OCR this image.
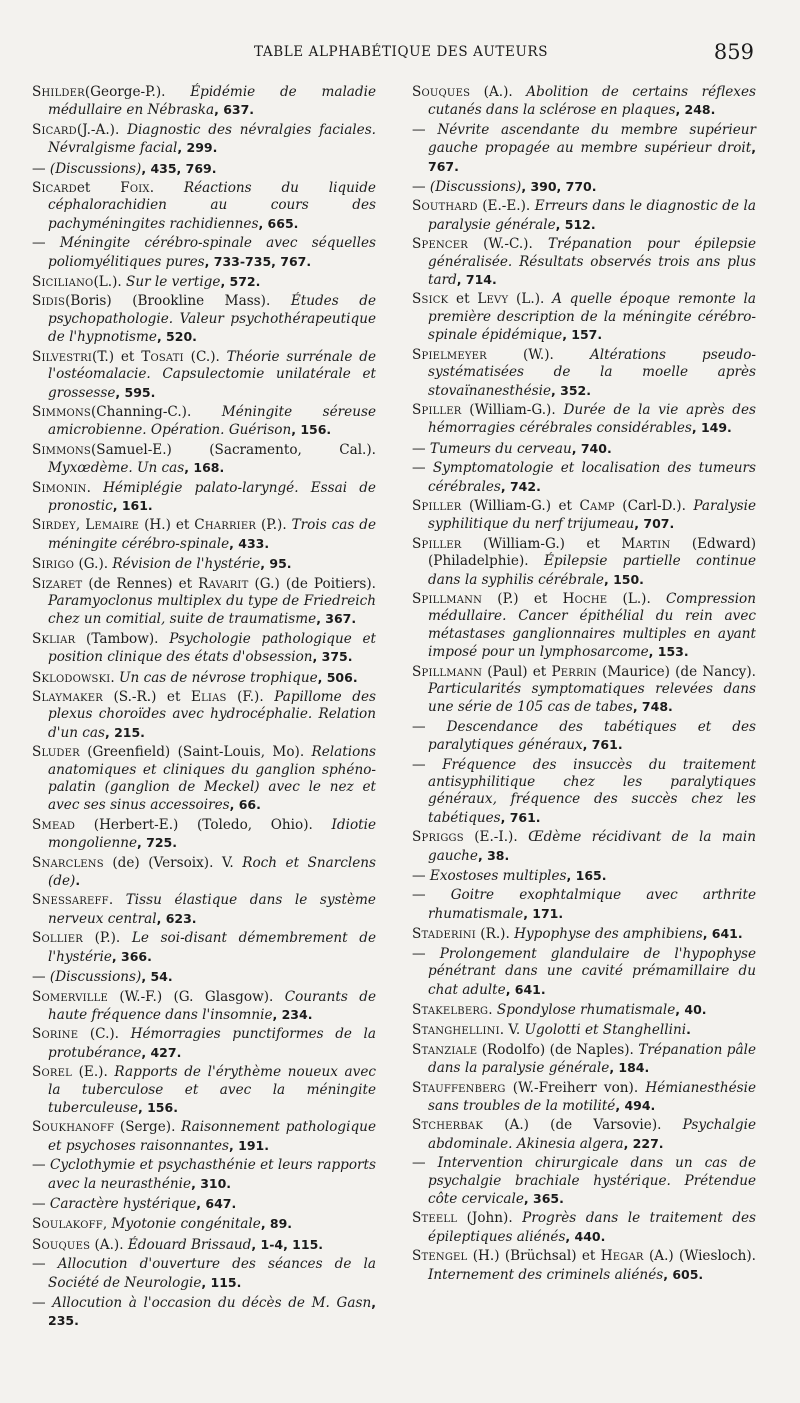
TABLE ALPHABÉTIQUE DES AUTEURS	859

Shilder(George-P.). Épidémie de maladie médullaire en Nébraska, 637.

Sicard(J.-A.). Diagnostic des névralgies faciales. Névralgisme facial, 299.

— (Discussions), 435, 769.

Sicardet Foix. Réactions du liquide céphalorachidien au cours des pachyméningites rachidiennes, 665.

— Méningite cérébro-spinale avec séquelles poliomyélitiques pures, 733-735, 767.

Siciliano(L.). Sur le vertige, 572.

Sidis(Boris) (Brookline Mass). Études de psychopathologie. Valeur psychothérapeutique de l'hypnotisme, 520.

Silvestri(T.) et Tosati (C.). Théorie surrénale de l'ostéomalacie. Capsulectomie unilatérale et grossesse, 595.

Simmons(Channing-C.). Méningite séreuse amicrobienne. Opération. Guérison, 156.

Simmons(Samuel-E.) (Sacramento, Cal.). Myxœdème. Un cas, 168.

Simonin. Hémiplégie palato-laryngé. Essai de pronostic, 161.

Sirdey, Lemaire (H.) et Charrier (P.). Trois cas de méningite cérébro-spinale, 433.

Sirigo (G.). Révision de l'hystérie, 95.

Sizaret (de Rennes) et Ravarit (G.) (de Poitiers). Paramyoclonus multiplex du type de Friedreich chez un comitial, suite de traumatisme, 367.

Skliar (Tambow). Psychologie pathologique et position clinique des états d'obsession, 375.

Sklodowski. Un cas de névrose trophique, 506.

Slaymaker (S.-R.) et Elias (F.). Papillome des plexus choroïdes avec hydrocéphalie. Relation d'un cas, 215.

Sluder (Greenfield) (Saint-Louis, Mo). Relations anatomiques et cliniques du ganglion sphéno-palatin (ganglion de Meckel) avec le nez et avec ses sinus accessoires, 66.

Smead (Herbert-E.) (Toledo, Ohio). Idiotie mongolienne, 725.

Snarclens (de) (Versoix). V. Roch et Snarclens (de).

Snessareff. Tissu élastique dans le système nerveux central, 623.

Sollier (P.). Le soi-disant démembrement de l'hystérie, 366.

— (Discussions), 54.

Somerville (W.-F.) (G. Glasgow). Courants de haute fréquence dans l'insomnie, 234.

Sorine (C.). Hémorragies punctiformes de la protubérance, 427.

Sorel (E.). Rapports de l'érythème noueux avec la tuberculose et avec la méningite tuberculeuse, 156.

Soukhanoff (Serge). Raisonnement pathologique et psychoses raisonnantes, 191.

— Cyclothymie et psychasthénie et leurs rapports avec la neurasthénie, 310.

— Caractère hystérique, 647.

Soulakoff, Myotonie congénitale, 89.

Souques (A.). Édouard Brissaud, 1-4, 115.

— Allocution d'ouverture des séances de la Société de Neurologie, 115.

— Allocution à l'occasion du décès de M. Gasn, 235.

Souques (A.). Abolition de certains réflexes cutanés dans la sclérose en plaques, 248.

— Névrite ascendante du membre supérieur gauche propagée au membre supérieur droit, 767.

— (Discussions), 390, 770.

Southard (E.-E.). Erreurs dans le diagnostic de la paralysie générale, 512.

Spencer (W.-C.). Trépanation pour épilepsie généralisée. Résultats observés trois ans plus tard, 714.

Ssick et Levy (L.). A quelle époque remonte la première description de la méningite cérébro-spinale épidémique, 157.

Spielmeyer (W.). Altérations pseudo-systématisées de la moelle après stovaïnanesthésie, 352.

Spiller (William-G.). Durée de la vie après des hémorragies cérébrales considérables, 149.

— Tumeurs du cerveau, 740.

— Symptomatologie et localisation des tumeurs cérébrales, 742.

Spiller (William-G.) et Camp (Carl-D.). Paralysie syphilitique du nerf trijumeau, 707.

Spiller (William-G.) et Martin (Edward) (Philadelphie). Épilepsie partielle continue dans la syphilis cérébrale, 150.

Spillmann (P.) et Hoche (L.). Compression médullaire. Cancer épithélial du rein avec métastases ganglionnaires multiples en ayant imposé pour un lymphosarcome, 153.

Spillmann (Paul) et Perrin (Maurice) (de Nancy). Particularités symptomatiques relevées dans une série de 105 cas de tabes, 748.

— Descendance des tabétiques et des paralytiques généraux, 761.

— Fréquence des insuccès du traitement antisyphilitique chez les paralytiques généraux, fréquence des succès chez les tabétiques, 761.

Spriggs (E.-I.). Œdème récidivant de la main gauche, 38.

— Exostoses multiples, 165.

— Goitre exophtalmique avec arthrite rhumatismale, 171.

Staderini (R.). Hypophyse des amphibiens, 641.

— Prolongement glandulaire de l'hypophyse pénétrant dans une cavité prémamillaire du chat adulte, 641.

Stakelberg. Spondylose rhumatismale, 40.

Stanghellini. V. Ugolotti et Stanghellini.

Stanziale (Rodolfo) (de Naples). Trépanation pâle dans la paralysie générale, 184.

Stauffenberg (W.-Freiherr von). Hémianesthésie sans troubles de la motilité, 494.

Stcherbak (A.) (de Varsovie). Psychalgie abdominale. Akinesia algera, 227.

— Intervention chirurgicale dans un cas de psychalgie brachiale hystérique. Prétendue côte cervicale, 365.

Steell (John). Progrès dans le traitement des épileptiques aliénés, 440.

Stengel (H.) (Brüchsal) et Hegar (A.) (Wiesloch). Internement des criminels aliénés, 605.
